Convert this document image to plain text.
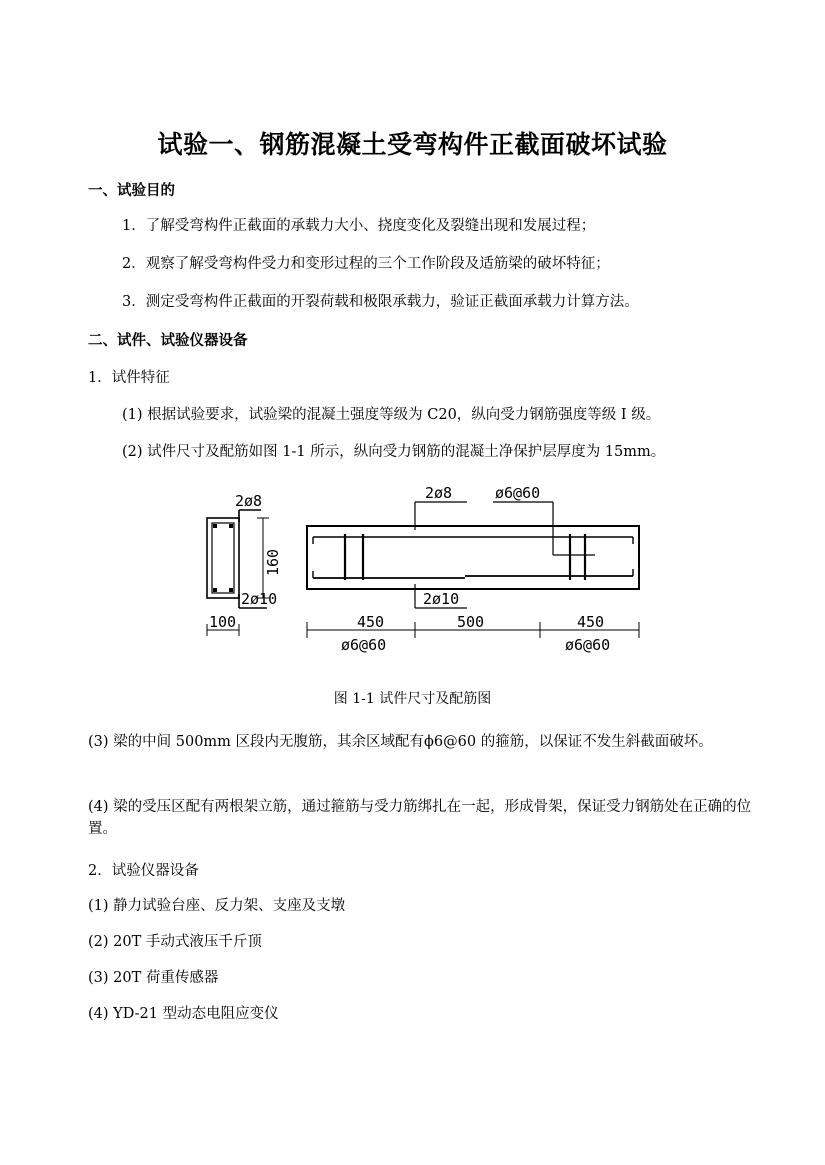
试验一、钢筋混凝土受弯构件正截面破坏试验
一、试验目的
1．了解受弯构件正截面的承载力大小、挠度变化及裂缝出现和发展过程；
2．观察了解受弯构件受力和变形过程的三个工作阶段及适筋梁的破坏特征；
3．测定受弯构件正截面的开裂荷载和极限承载力，验证正截面承载力计算方法。
二、试件、试验仪器设备
1．试件特征
(1) 根据试验要求，试验梁的混凝土强度等级为 C20，纵向受力钢筋强度等级 I 级。
(2) 试件尺寸及配筋如图 1-1 所示，纵向受力钢筋的混凝土净保护层厚度为 15mm。
2ø8
160
2ø10
100
2ø8	ø6@60
2ø10
450	500	450
ø6@60	ø6@60
图 1-1 试件尺寸及配筋图
(3) 梁的中间 500mm 区段内无腹筋，其余区域配有ϕ6@60 的箍筋，以保证不发生斜截面破坏。
(4) 梁的受压区配有两根架立筋，通过箍筋与受力筋绑扎在一起，形成骨架，保证受力钢筋处在正确的位置。
2．试验仪器设备
(1) 静力试验台座、反力架、支座及支墩
(2) 20T 手动式液压千斤顶
(3) 20T 荷重传感器
(4) YD-21 型动态电阻应变仪
